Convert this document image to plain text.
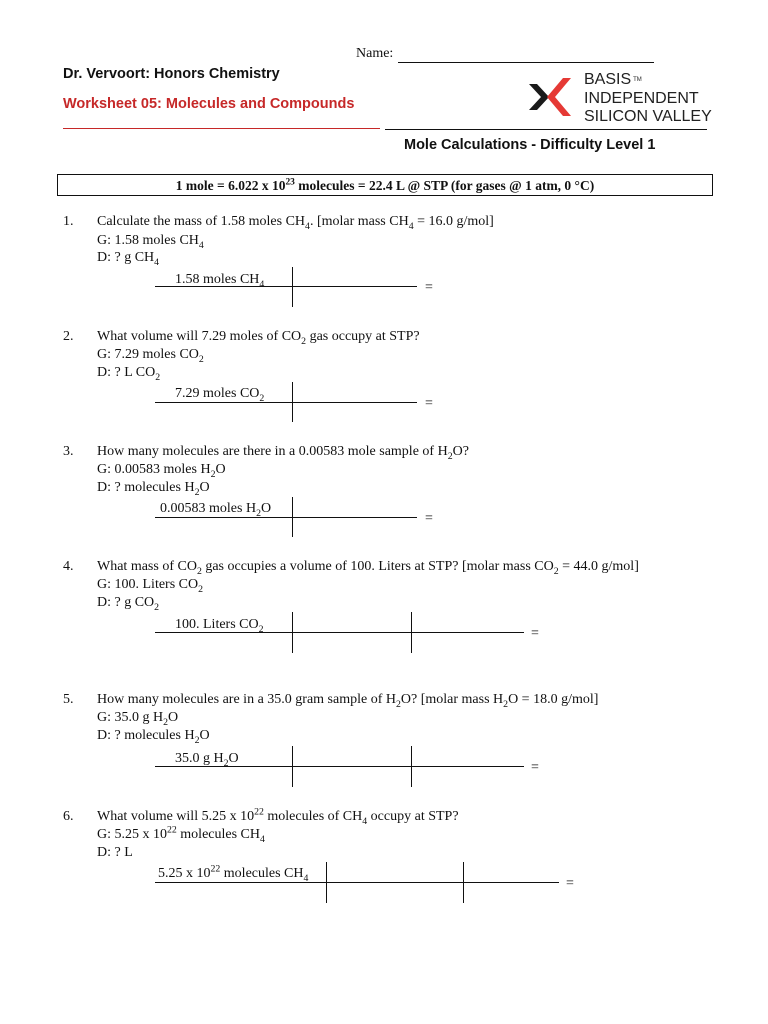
Name:
Dr. Vervoort: Honors Chemistry
Worksheet 05: Molecules and Compounds
BASIS ™
INDEPENDENT
SILICON VALLEY
Mole Calculations - Difficulty Level 1
1 mole = 6.022 x $10^{23}$ molecules = 22.4 L @ STP (for gases @ 1 atm, 0 °C)
1. Calculate the mass of 1.58 moles $CH_4$. [molar mass $CH_4 = 16.0$ g/mol]
G: 1.58 moles $CH_4$
D: ? g $CH_4$
1.58 moles $CH_4$	=
2. What volume will 7.29 moles of $CO_2$ gas occupy at STP?
G: 7.29 moles $CO_2$
D: ? L $CO_2$
7.29 moles $CO_2$	=
3. How many molecules are there in a 0.00583 mole sample of $H_2O$?
G: 0.00583 moles $H_2O$
D: ? molecules $H_2O$
0.00583 moles $H_2O$
=
4. What mass of $CO_2$ gas occupies a volume of 100. Liters at STP? [molar mass $CO_2 = 44.0$ g/mol]
G: 100. Liters $CO_2$
D: ? g $CO_2$
100. Liters $CO_2$	=
5. How many molecules are in a 35.0 gram sample of $H_2O$? [molar mass $H_2O = 18.0$ g/mol]
G: 35.0 g $H_2O$
D: ? molecules $H_2O$
35.0 g $H_2O$
=
6. What volume will 5.25 x $10^{22}$ molecules of $CH_4$ occupy at STP?
G: 5.25 x $10^{22}$ molecules $CH_4$
D: ? L
5.25 x $10^{22}$ molecules $CH_4$	=
